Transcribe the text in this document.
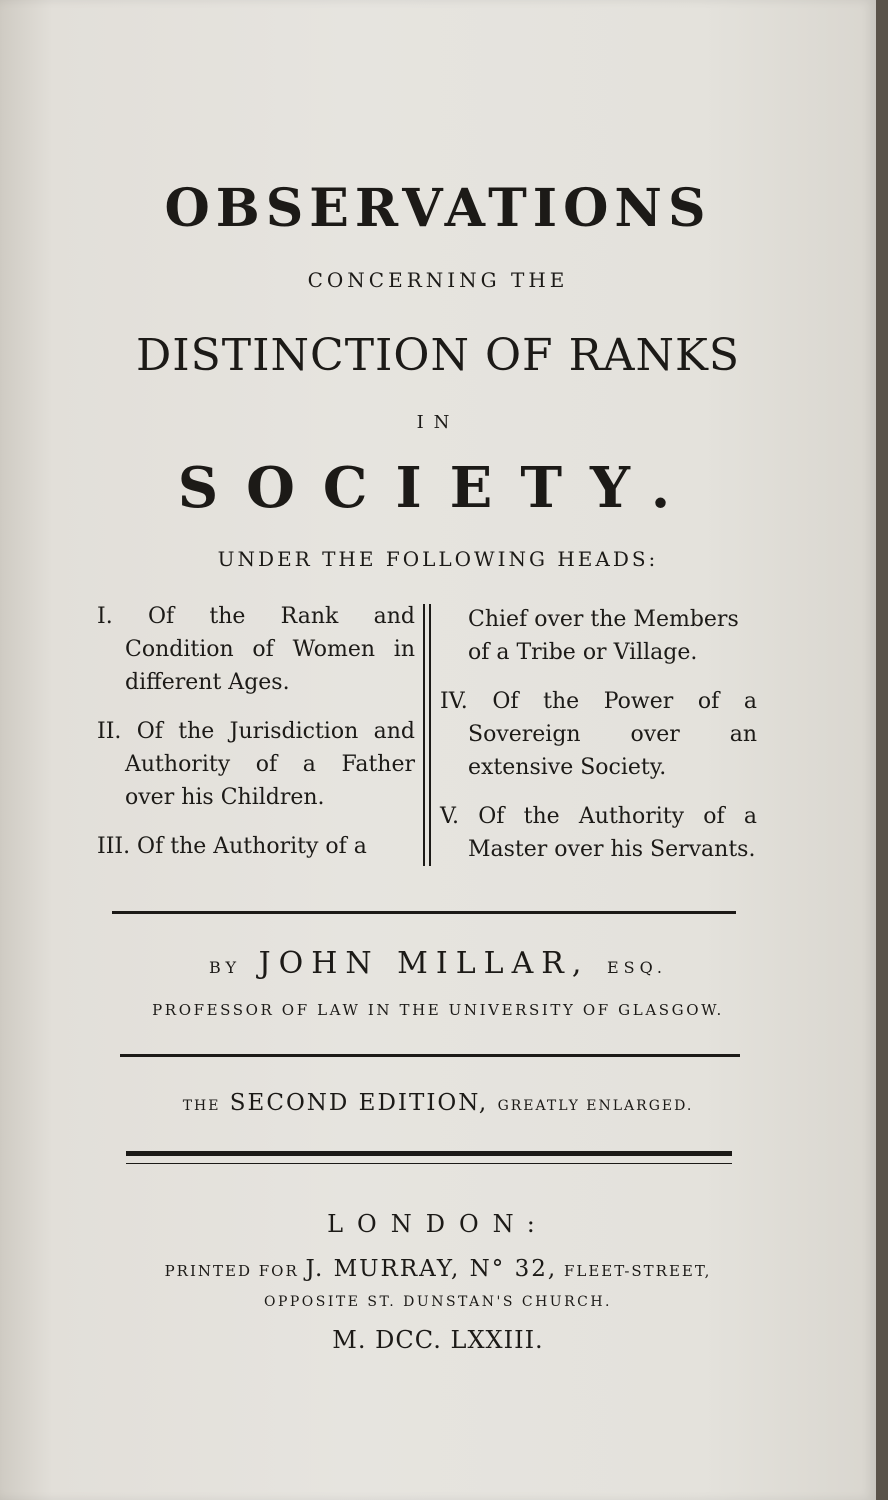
OBSERVATIONS
CONCERNING THE
DISTINCTION OF RANKS
IN
SOCIETY.
UNDER THE FOLLOWING HEADS:
I. Of the Rank and Condition of Women in different Ages.
II. Of the Jurisdiction and Authority of a Father over his Children.
III. Of the Authority of a
Chief over the Members of a Tribe or Village.
IV. Of the Power of a Sovereign over an extensive Society.
V. Of the Authority of a Master over his Servants.
BY JOHN MILLAR, ESQ.
PROFESSOR OF LAW IN THE UNIVERSITY OF GLASGOW.
THE SECOND EDITION, GREATLY ENLARGED.
LONDON:
PRINTED FOR J. MURRAY, N° 32, FLEET-STREET,
OPPOSITE ST. DUNSTAN'S CHURCH.
M. DCC. LXXIII.
